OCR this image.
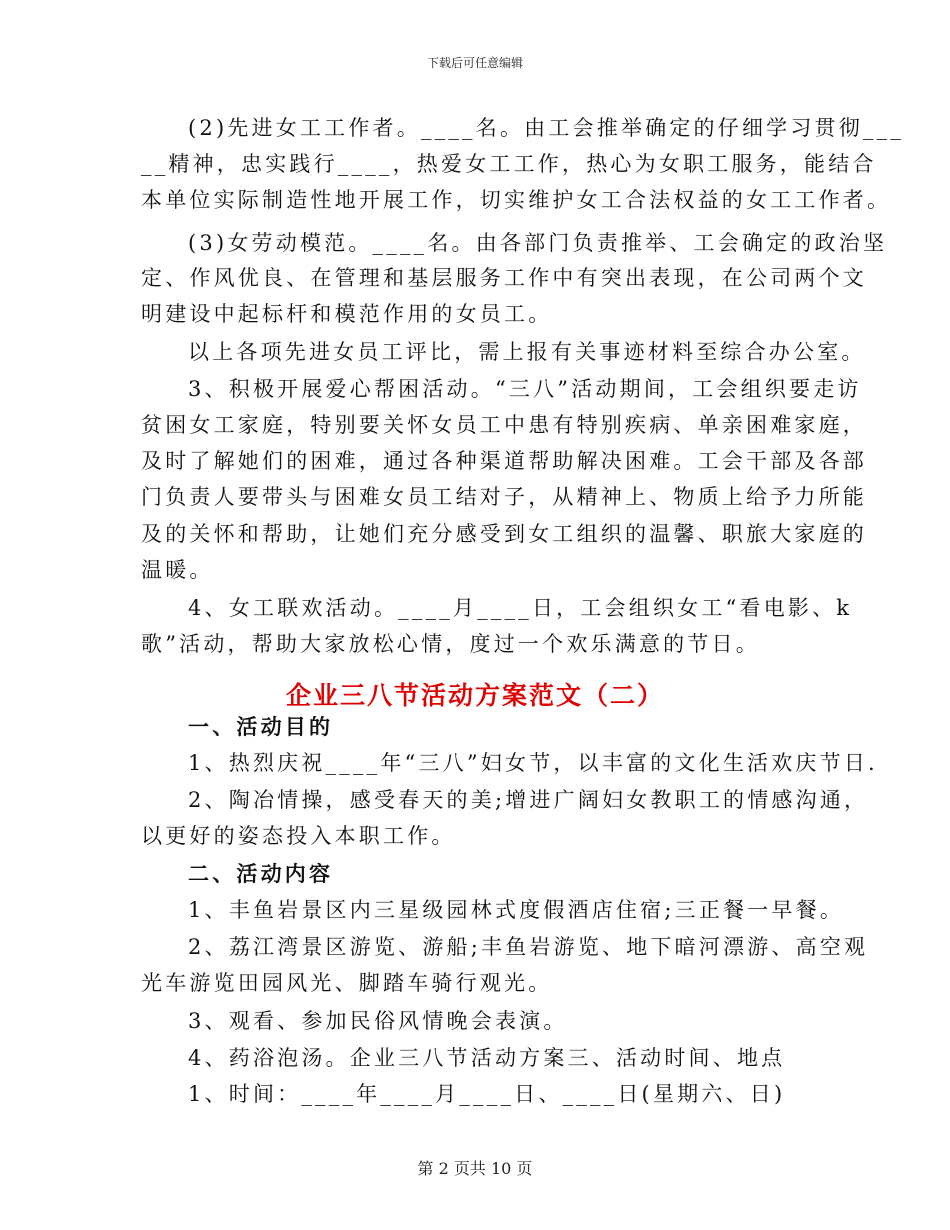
下载后可任意编辑
(2)先进女工工作者。____名。由工会推举确定的仔细学习贯彻___
__精神，忠实践行____，热爱女工工作，热心为女职工服务，能结合
本单位实际制造性地开展工作，切实维护女工合法权益的女工工作者。
(3)女劳动模范。____名。由各部门负责推举、工会确定的政治坚
定、作风优良、在管理和基层服务工作中有突出表现，在公司两个文
明建设中起标杆和模范作用的女员工。
以上各项先进女员工评比，需上报有关事迹材料至综合办公室。
3、积极开展爱心帮困活动。“三八”活动期间，工会组织要走访
贫困女工家庭，特别要关怀女员工中患有特别疾病、单亲困难家庭，
及时了解她们的困难，通过各种渠道帮助解决困难。工会干部及各部
门负责人要带头与困难女员工结对子，从精神上、物质上给予力所能
及的关怀和帮助，让她们充分感受到女工组织的温馨、职旅大家庭的
温暖。
4、女工联欢活动。____月____日，工会组织女工“看电影、k
歌”活动，帮助大家放松心情，度过一个欢乐满意的节日。
企业三八节活动方案范文（二）
一、活动目的
1、热烈庆祝____年“三八”妇女节，以丰富的文化生活欢庆节日.
2、陶冶情操，感受春天的美;增进广阔妇女教职工的情感沟通，
以更好的姿态投入本职工作。
二、活动内容
1、丰鱼岩景区内三星级园林式度假酒店住宿;三正餐一早餐。
2、荔江湾景区游览、游船;丰鱼岩游览、地下暗河漂游、高空观
光车游览田园风光、脚踏车骑行观光。
3、观看、参加民俗风情晚会表演。
4、药浴泡汤。企业三八节活动方案三、活动时间、地点
1、时间：____年____月____日、____日(星期六、日)
第 2 页共 10 页
